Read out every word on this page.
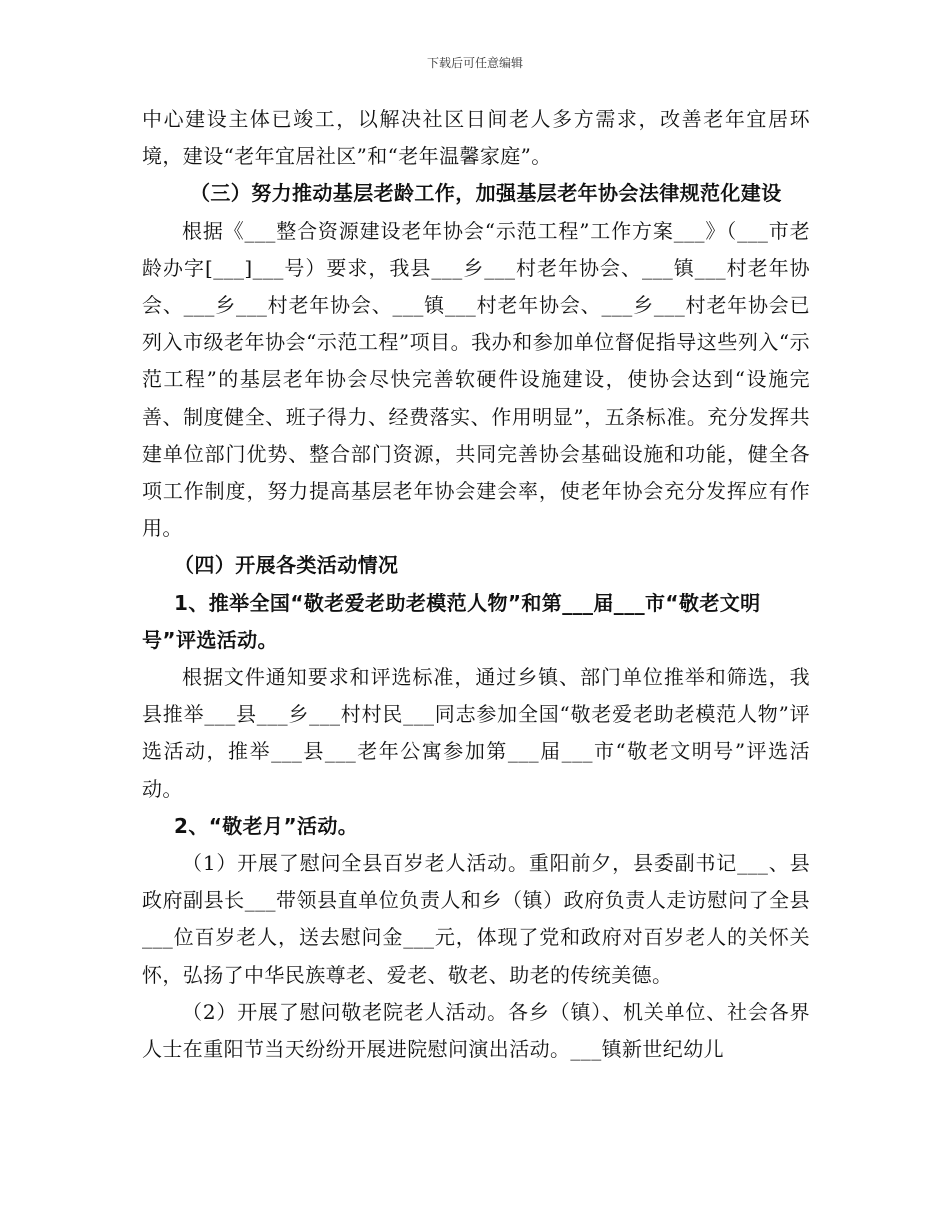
下载后可任意编辑

中心建设主体已竣工，以解决社区日间老人多方需求，改善老年宜居环境，建设“老年宜居社区”和“老年温馨家庭”。

（三）努力推动基层老龄工作，加强基层老年协会法律规范化建设

根据《___整合资源建设老年协会“示范工程”工作方案___》（___市老龄办字[___]___号）要求，我县___乡___村老年协会、___镇___村老年协会、___乡___村老年协会、___镇___村老年协会、___乡___村老年协会已列入市级老年协会“示范工程”项目。我办和参加单位督促指导这些列入“示范工程”的基层老年协会尽快完善软硬件设施建设，使协会达到“设施完善、制度健全、班子得力、经费落实、作用明显”，五条标准。充分发挥共建单位部门优势、整合部门资源，共同完善协会基础设施和功能，健全各项工作制度，努力提高基层老年协会建会率，使老年协会充分发挥应有作用。

（四）开展各类活动情况

1、推举全国“敬老爱老助老模范人物”和第___届___市“敬老文明号”评选活动。

根据文件通知要求和评选标准，通过乡镇、部门单位推举和筛选，我县推举___县___乡___村村民___同志参加全国“敬老爱老助老模范人物”评选活动，推举___县___老年公寓参加第___届___市“敬老文明号”评选活动。

2、“敬老月”活动。

（1）开展了慰问全县百岁老人活动。重阳前夕，县委副书记___、县政府副县长___带领县直单位负责人和乡（镇）政府负责人走访慰问了全县___位百岁老人，送去慰问金___元，体现了党和政府对百岁老人的关怀关怀，弘扬了中华民族尊老、爱老、敬老、助老的传统美德。

（2）开展了慰问敬老院老人活动。各乡（镇）、机关单位、社会各界人士在重阳节当天纷纷开展进院慰问演出活动。___镇新世纪幼儿
